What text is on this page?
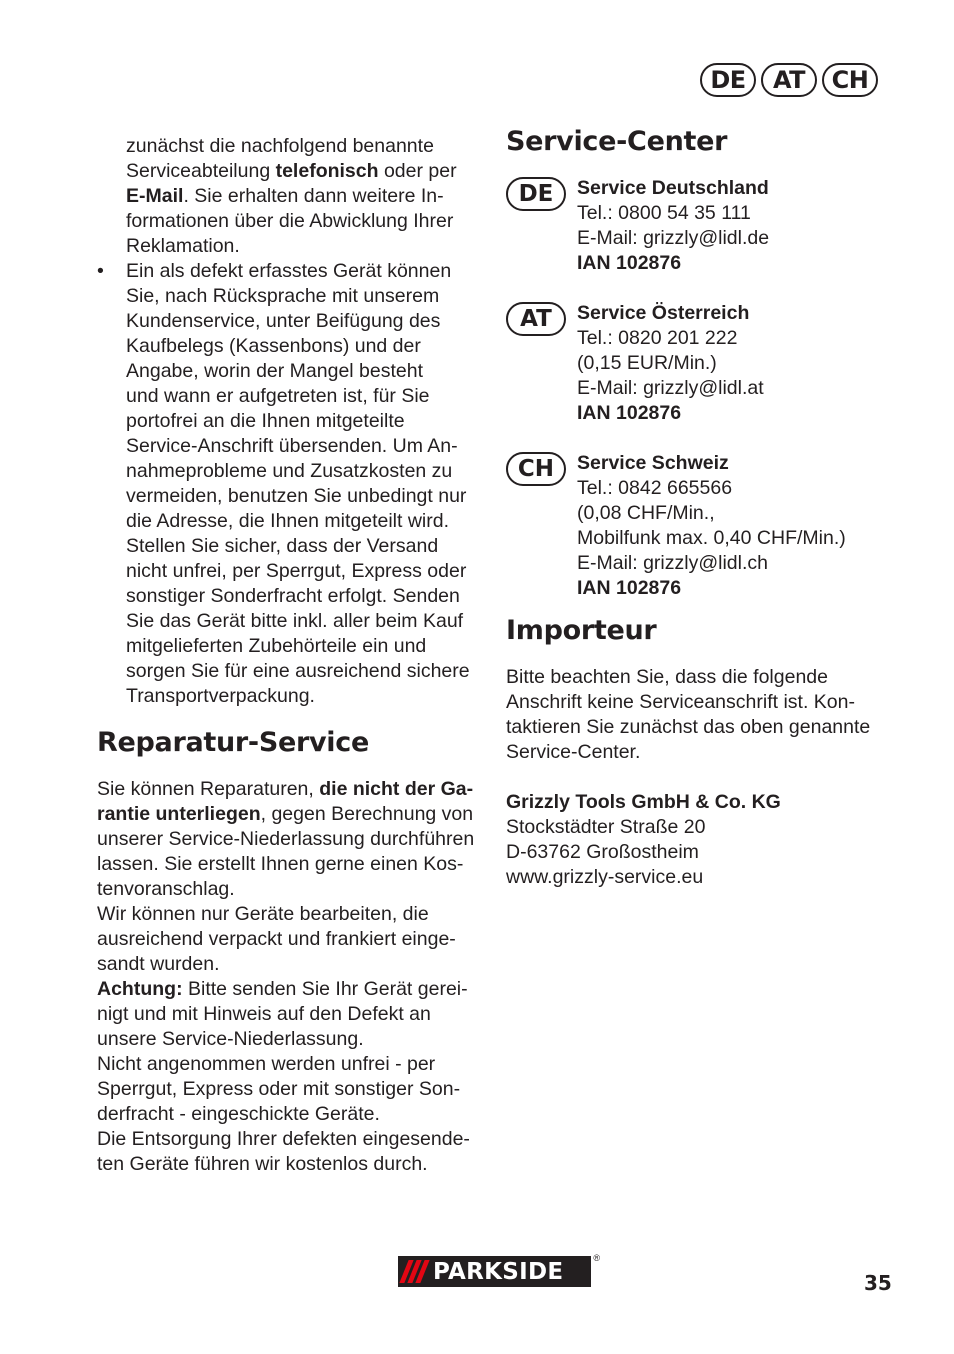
DE	AT	CH
zunächst die nachfolgend benannte
Serviceabteilung telefonisch oder per
E-Mail. Sie erhalten dann weitere In-
formationen über die Abwicklung Ihrer
Reklamation.
• Ein als defekt erfasstes Gerät können
Sie, nach Rücksprache mit unserem
Kundenservice, unter Beifügung des
Kaufbelegs (Kassenbons) und der
Angabe, worin der Mangel besteht
und wann er aufgetreten ist, für Sie
portofrei an die Ihnen mitgeteilte
Service-Anschrift übersenden. Um An-
nahmeprobleme und Zusatzkosten zu
vermeiden, benutzen Sie unbedingt nur
die Adresse, die Ihnen mitgeteilt wird.
Stellen Sie sicher, dass der Versand
nicht unfrei, per Sperrgut, Express oder
sonstiger Sonderfracht erfolgt. Senden
Sie das Gerät bitte inkl. aller beim Kauf
mitgelieferten Zubehörteile ein und
sorgen Sie für eine ausreichend sichere
Transportverpackung.
Reparatur-Service
Sie können Reparaturen, die nicht der Ga-
rantie unterliegen, gegen Berechnung von
unserer Service-Niederlassung durchführen
lassen. Sie erstellt Ihnen gerne einen Kos-
tenvoranschlag.
Wir können nur Geräte bearbeiten, die
ausreichend verpackt und frankiert einge-
sandt wurden.
Achtung: Bitte senden Sie Ihr Gerät gerei-
nigt und mit Hinweis auf den Defekt an
unsere Service-Niederlassung.
Nicht angenommen werden unfrei - per
Sperrgut, Express oder mit sonstiger Son-
derfracht - eingeschickte Geräte.
Die Entsorgung Ihrer defekten eingesende-
ten Geräte führen wir kostenlos durch.
Service-Center
DE	Service Deutschland
Tel.: 0800 54 35 111
E-Mail: grizzly@lidl.de
IAN 102876
AT	Service Österreich
Tel.: 0820 201 222
(0,15 EUR/Min.)
E-Mail: grizzly@lidl.at
IAN 102876
CH	Service Schweiz
Tel.: 0842 665566
(0,08 CHF/Min.,
Mobilfunk max. 0,40 CHF/Min.)
E-Mail: grizzly@lidl.ch
IAN 102876
Importeur
Bitte beachten Sie, dass die folgende
Anschrift keine Serviceanschrift ist. Kon-
taktieren Sie zunächst das oben genannte
Service-Center.
Grizzly Tools GmbH & Co. KG
Stockstädter Straße 20
D-63762 Großostheim
www.grizzly-service.eu
PARKSIDE
®
35
